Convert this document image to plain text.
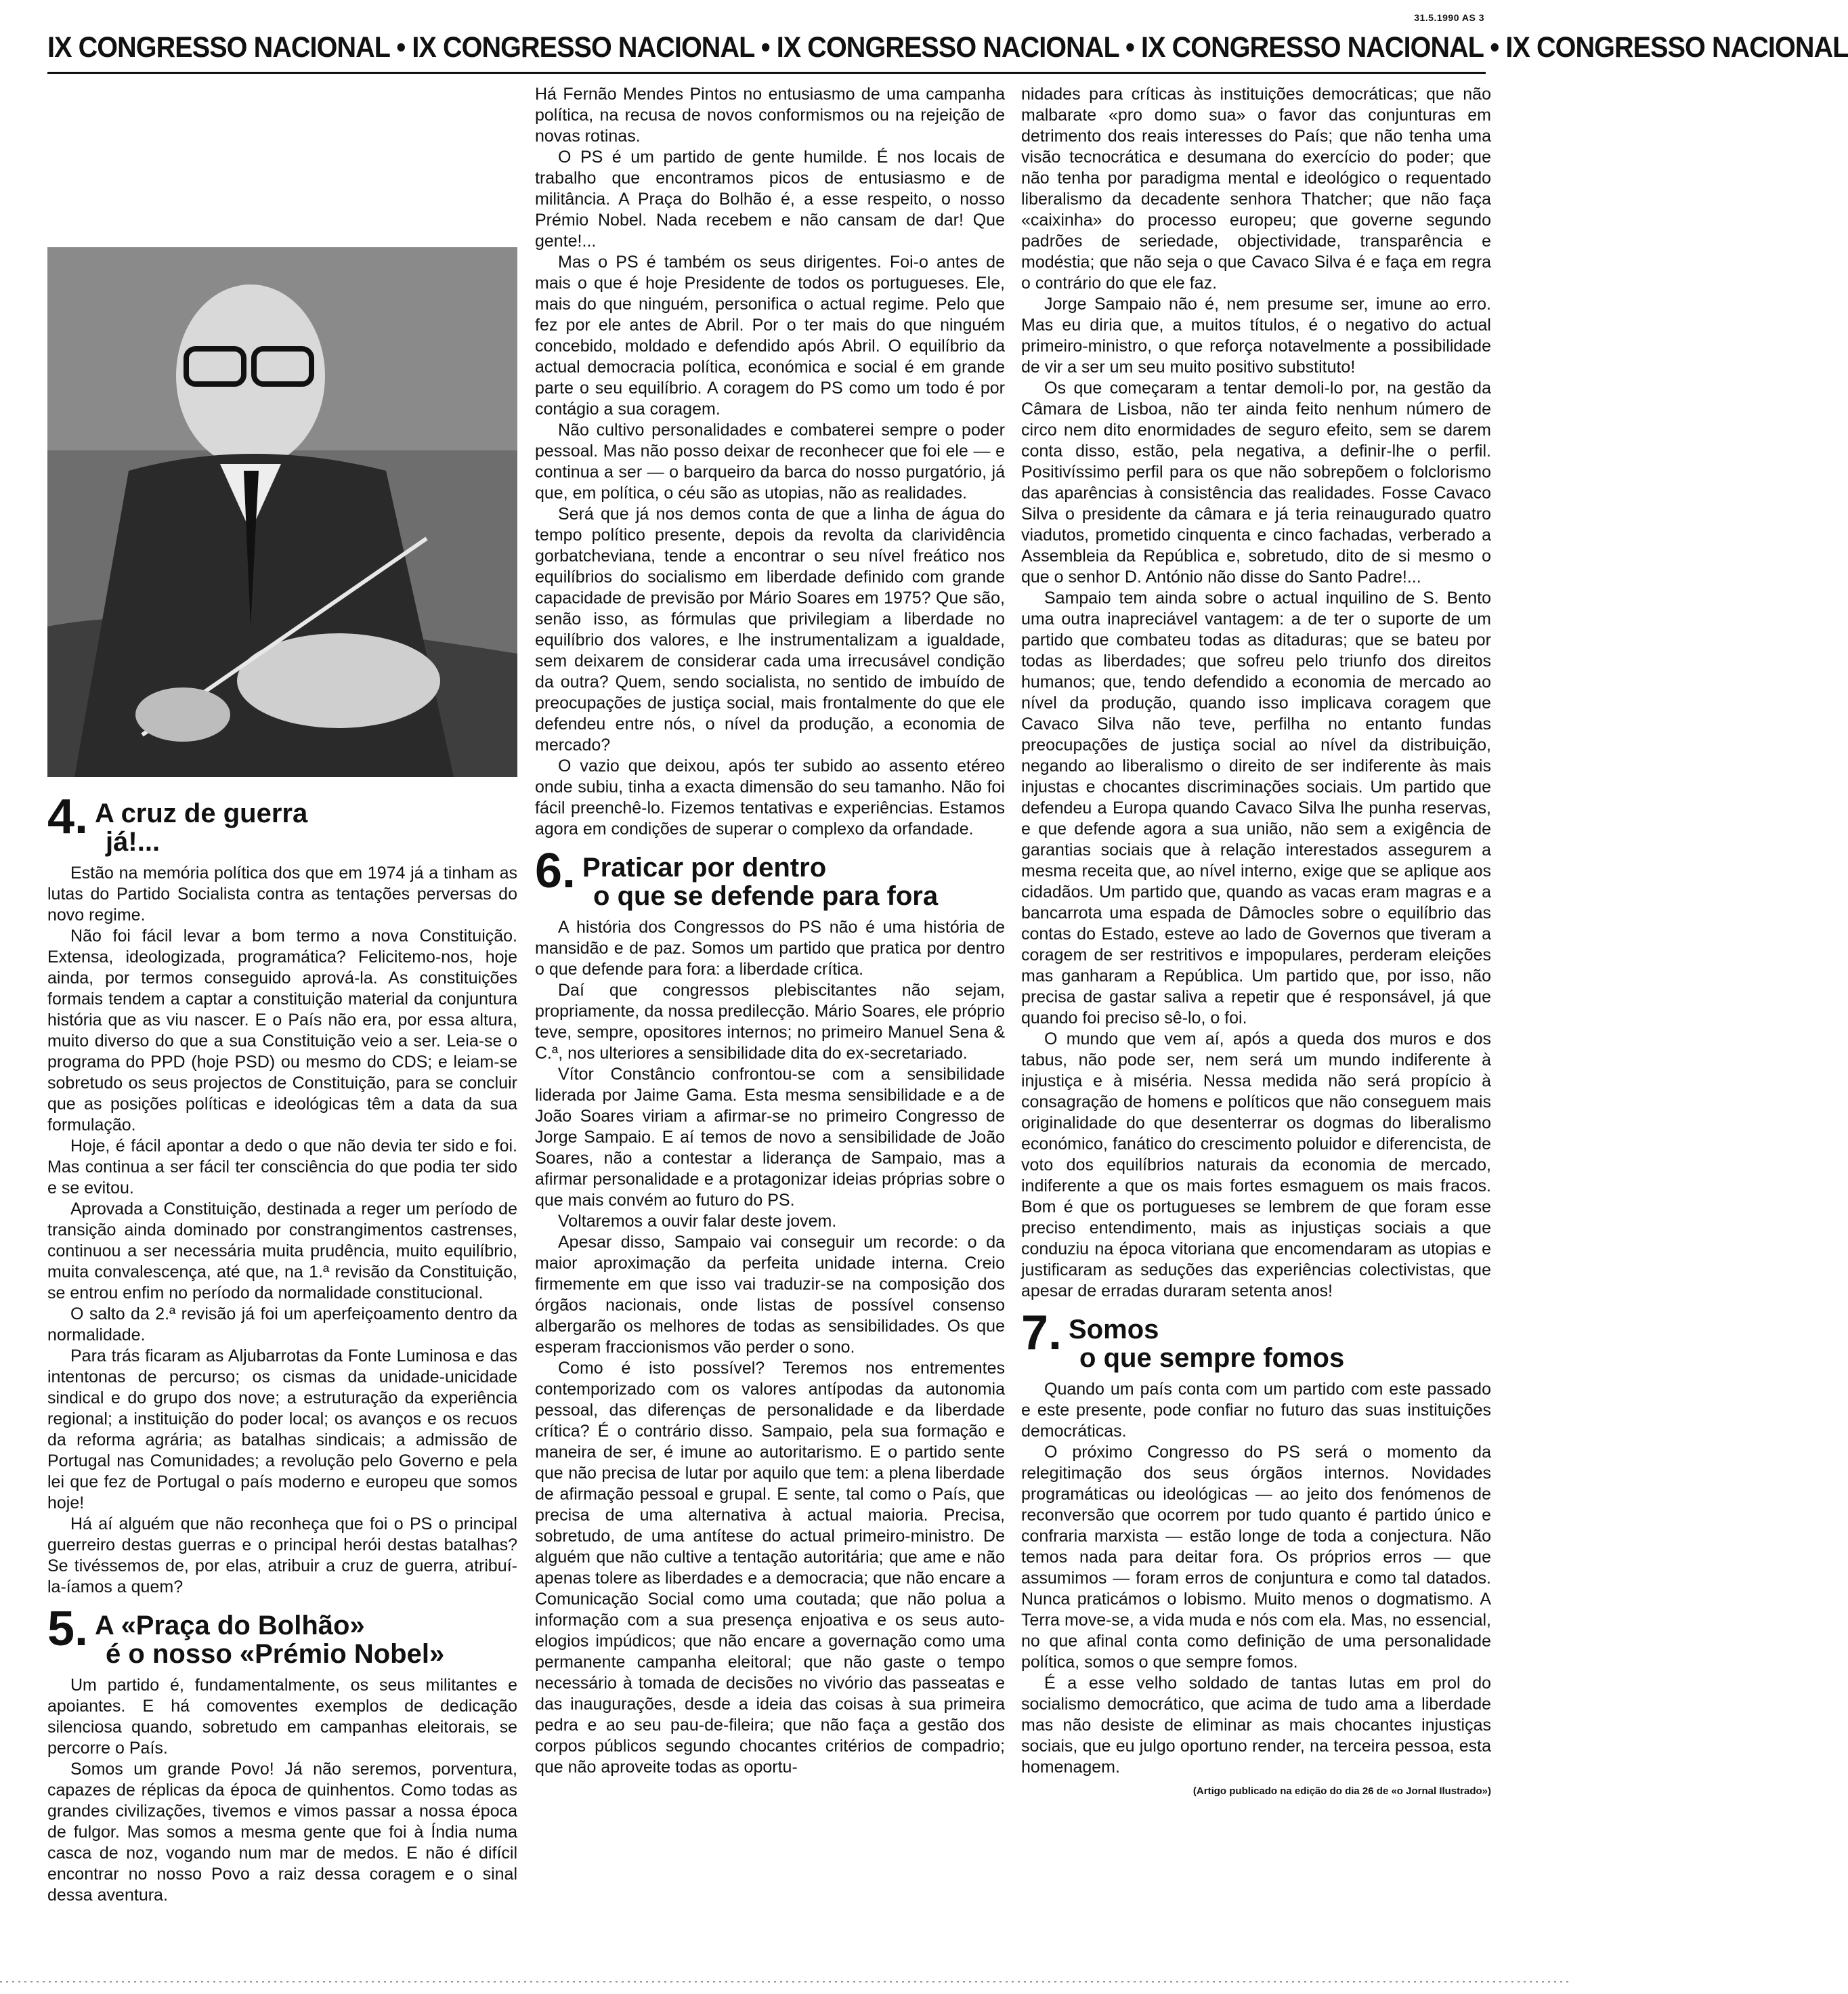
31.5.1990 AS 3
IX CONGRESSO NACIONAL • IX CONGRESSO NACIONAL • IX CONGRESSO NACIONAL • IX CONGRESSO NACIONAL • IX CONGRESSO NACIONAL
4. A cruz de guerra
já!...

Estão na memória política dos que em 1974 já a tinham as lutas do Partido Socialista contra as tentações perversas do novo regime.

Não foi fácil levar a bom termo a nova Constituição. Extensa, ideologizada, programática? Felicitemo-nos, hoje ainda, por termos conseguido aprová-la. As constituições formais tendem a captar a constituição material da conjuntura história que as viu nascer. E o País não era, por essa altura, muito diverso do que a sua Constituição veio a ser. Leia-se o programa do PPD (hoje PSD) ou mesmo do CDS; e leiam-se sobretudo os seus projectos de Constituição, para se concluir que as posições políticas e ideológicas têm a data da sua formulação.

Hoje, é fácil apontar a dedo o que não devia ter sido e foi. Mas continua a ser fácil ter consciência do que podia ter sido e se evitou.

Aprovada a Constituição, destinada a reger um período de transição ainda dominado por constrangimentos castrenses, continuou a ser necessária muita prudência, muito equilíbrio, muita convalescença, até que, na 1.ª revisão da Constituição, se entrou enfim no período da normalidade constitucional.

O salto da 2.ª revisão já foi um aperfeiçoamento dentro da normalidade.

Para trás ficaram as Aljubarrotas da Fonte Luminosa e das intentonas de percurso; os cismas da unidade-unicidade sindical e do grupo dos nove; a estruturação da experiência regional; a instituição do poder local; os avanços e os recuos da reforma agrária; as batalhas sindicais; a admissão de Portugal nas Comunidades; a revolução pelo Governo e pela lei que fez de Portugal o país moderno e europeu que somos hoje!

Há aí alguém que não reconheça que foi o PS o principal guerreiro destas guerras e o principal herói destas batalhas? Se tivéssemos de, por elas, atribuir a cruz de guerra, atribuí-la-íamos a quem?

5. A «Praça do Bolhão»
é o nosso «Prémio Nobel»

Um partido é, fundamentalmente, os seus militantes e apoiantes. E há comoventes exemplos de dedicação silenciosa quando, sobretudo em campanhas eleitorais, se percorre o País.

Somos um grande Povo! Já não seremos, porventura, capazes de réplicas da época de quinhentos. Como todas as grandes civilizações, tivemos e vimos passar a nossa época de fulgor. Mas somos a mesma gente que foi à Índia numa casca de noz, vogando num mar de medos. E não é difícil encontrar no nosso Povo a raiz dessa coragem e o sinal dessa aventura.

Há Fernão Mendes Pintos no entusiasmo de uma campanha política, na recusa de novos conformismos ou na rejeição de novas rotinas.

O PS é um partido de gente humilde. É nos locais de trabalho que encontramos picos de entusiasmo e de militância. A Praça do Bolhão é, a esse respeito, o nosso Prémio Nobel. Nada recebem e não cansam de dar! Que gente!...

Mas o PS é também os seus dirigentes. Foi-o antes de mais o que é hoje Presidente de todos os portugueses. Ele, mais do que ninguém, personifica o actual regime. Pelo que fez por ele antes de Abril. Por o ter mais do que ninguém concebido, moldado e defendido após Abril. O equilíbrio da actual democracia política, económica e social é em grande parte o seu equilíbrio. A coragem do PS como um todo é por contágio a sua coragem.

Não cultivo personalidades e combaterei sempre o poder pessoal. Mas não posso deixar de reconhecer que foi ele — e continua a ser — o barqueiro da barca do nosso purgatório, já que, em política, o céu são as utopias, não as realidades.

Será que já nos demos conta de que a linha de água do tempo político presente, depois da revolta da clarividência gorbatcheviana, tende a encontrar o seu nível freático nos equilíbrios do socialismo em liberdade definido com grande capacidade de previsão por Mário Soares em 1975? Que são, senão isso, as fórmulas que privilegiam a liberdade no equilíbrio dos valores, e lhe instrumentalizam a igualdade, sem deixarem de considerar cada uma irrecusável condição da outra? Quem, sendo socialista, no sentido de imbuído de preocupações de justiça social, mais frontalmente do que ele defendeu entre nós, o nível da produção, a economia de mercado?

O vazio que deixou, após ter subido ao assento etéreo onde subiu, tinha a exacta dimensão do seu tamanho. Não foi fácil preenchê-lo. Fizemos tentativas e experiências. Estamos agora em condições de superar o complexo da orfandade.

6. Praticar por dentro
o que se defende para fora

A história dos Congressos do PS não é uma história de mansidão e de paz. Somos um partido que pratica por dentro o que defende para fora: a liberdade crítica.

Daí que congressos plebiscitantes não sejam, propriamente, da nossa predilecção. Mário Soares, ele próprio teve, sempre, opositores internos; no primeiro Manuel Sena & C.ª, nos ulteriores a sensibilidade dita do ex-secretariado.

Vítor Constâncio confrontou-se com a sensibilidade liderada por Jaime Gama. Esta mesma sensibilidade e a de João Soares viriam a afirmar-se no primeiro Congresso de Jorge Sampaio. E aí temos de novo a sensibilidade de João Soares, não a contestar a liderança de Sampaio, mas a afirmar personalidade e a protagonizar ideias próprias sobre o que mais convém ao futuro do PS.

Voltaremos a ouvir falar deste jovem.

Apesar disso, Sampaio vai conseguir um recorde: o da maior aproximação da perfeita unidade interna. Creio firmemente em que isso vai traduzir-se na composição dos órgãos nacionais, onde listas de possível consenso albergarão os melhores de todas as sensibilidades. Os que esperam fraccionismos vão perder o sono.

Como é isto possível? Teremos nos entrementes contemporizado com os valores antípodas da autonomia pessoal, das diferenças de personalidade e da liberdade crítica? É o contrário disso. Sampaio, pela sua formação e maneira de ser, é imune ao autoritarismo. E o partido sente que não precisa de lutar por aquilo que tem: a plena liberdade de afirmação pessoal e grupal. E sente, tal como o País, que precisa de uma alternativa à actual maioria. Precisa, sobretudo, de uma antítese do actual primeiro-ministro. De alguém que não cultive a tentação autoritária; que ame e não apenas tolere as liberdades e a democracia; que não encare a Comunicação Social como uma coutada; que não polua a informação com a sua presença enjoativa e os seus auto-elogios impúdicos; que não encare a governação como uma permanente campanha eleitoral; que não gaste o tempo necessário à tomada de decisões no vivório das passeatas e das inaugurações, desde a ideia das coisas à sua primeira pedra e ao seu pau-de-fileira; que não faça a gestão dos corpos públicos segundo chocantes critérios de compadrio; que não aproveite todas as oportu-

nidades para críticas às instituições democráticas; que não malbarate «pro domo sua» o favor das conjunturas em detrimento dos reais interesses do País; que não tenha uma visão tecnocrática e desumana do exercício do poder; que não tenha por paradigma mental e ideológico o requentado liberalismo da decadente senhora Thatcher; que não faça «caixinha» do processo europeu; que governe segundo padrões de seriedade, objectividade, transparência e modéstia; que não seja o que Cavaco Silva é e faça em regra o contrário do que ele faz.

Jorge Sampaio não é, nem presume ser, imune ao erro. Mas eu diria que, a muitos títulos, é o negativo do actual primeiro-ministro, o que reforça notavelmente a possibilidade de vir a ser um seu muito positivo substituto!

Os que começaram a tentar demoli-lo por, na gestão da Câmara de Lisboa, não ter ainda feito nenhum número de circo nem dito enormidades de seguro efeito, sem se darem conta disso, estão, pela negativa, a definir-lhe o perfil. Positivíssimo perfil para os que não sobrepõem o folclorismo das aparências à consistência das realidades. Fosse Cavaco Silva o presidente da câmara e já teria reinaugurado quatro viadutos, prometido cinquenta e cinco fachadas, verberado a Assembleia da República e, sobretudo, dito de si mesmo o que o senhor D. António não disse do Santo Padre!...

Sampaio tem ainda sobre o actual inquilino de S. Bento uma outra inapreciável vantagem: a de ter o suporte de um partido que combateu todas as ditaduras; que se bateu por todas as liberdades; que sofreu pelo triunfo dos direitos humanos; que, tendo defendido a economia de mercado ao nível da produção, quando isso implicava coragem que Cavaco Silva não teve, perfilha no entanto fundas preocupações de justiça social ao nível da distribuição, negando ao liberalismo o direito de ser indiferente às mais injustas e chocantes discriminações sociais. Um partido que defendeu a Europa quando Cavaco Silva lhe punha reservas, e que defende agora a sua união, não sem a exigência de garantias sociais que à relação interestados assegurem a mesma receita que, ao nível interno, exige que se aplique aos cidadãos. Um partido que, quando as vacas eram magras e a bancarrota uma espada de Dâmocles sobre o equilíbrio das contas do Estado, esteve ao lado de Governos que tiveram a coragem de ser restritivos e impopulares, perderam eleições mas ganharam a República. Um partido que, por isso, não precisa de gastar saliva a repetir que é responsável, já que quando foi preciso sê-lo, o foi.

O mundo que vem aí, após a queda dos muros e dos tabus, não pode ser, nem será um mundo indiferente à injustiça e à miséria. Nessa medida não será propício à consagração de homens e políticos que não conseguem mais originalidade do que desenterrar os dogmas do liberalismo económico, fanático do crescimento poluidor e diferencista, de voto dos equilíbrios naturais da economia de mercado, indiferente a que os mais fortes esmaguem os mais fracos. Bom é que os portugueses se lembrem de que foram esse preciso entendimento, mais as injustiças sociais a que conduziu na época vitoriana que encomendaram as utopias e justificaram as seduções das experiências colectivistas, que apesar de erradas duraram setenta anos!

7. Somos
o que sempre fomos

Quando um país conta com um partido com este passado e este presente, pode confiar no futuro das suas instituições democráticas.

O próximo Congresso do PS será o momento da relegitimação dos seus órgãos internos. Novidades programáticas ou ideológicas — ao jeito dos fenómenos de reconversão que ocorrem por tudo quanto é partido único e confraria marxista — estão longe de toda a conjectura. Não temos nada para deitar fora. Os próprios erros — que assumimos — foram erros de conjuntura e como tal datados. Nunca praticámos o lobismo. Muito menos o dogmatismo. A Terra move-se, a vida muda e nós com ela. Mas, no essencial, no que afinal conta como definição de uma personalidade política, somos o que sempre fomos.

É a esse velho soldado de tantas lutas em prol do socialismo democrático, que acima de tudo ama a liberdade mas não desiste de eliminar as mais chocantes injustiças sociais, que eu julgo oportuno render, na terceira pessoa, esta homenagem.

(Artigo publicado na edição do dia 26 de «o Jornal Ilustrado»)
